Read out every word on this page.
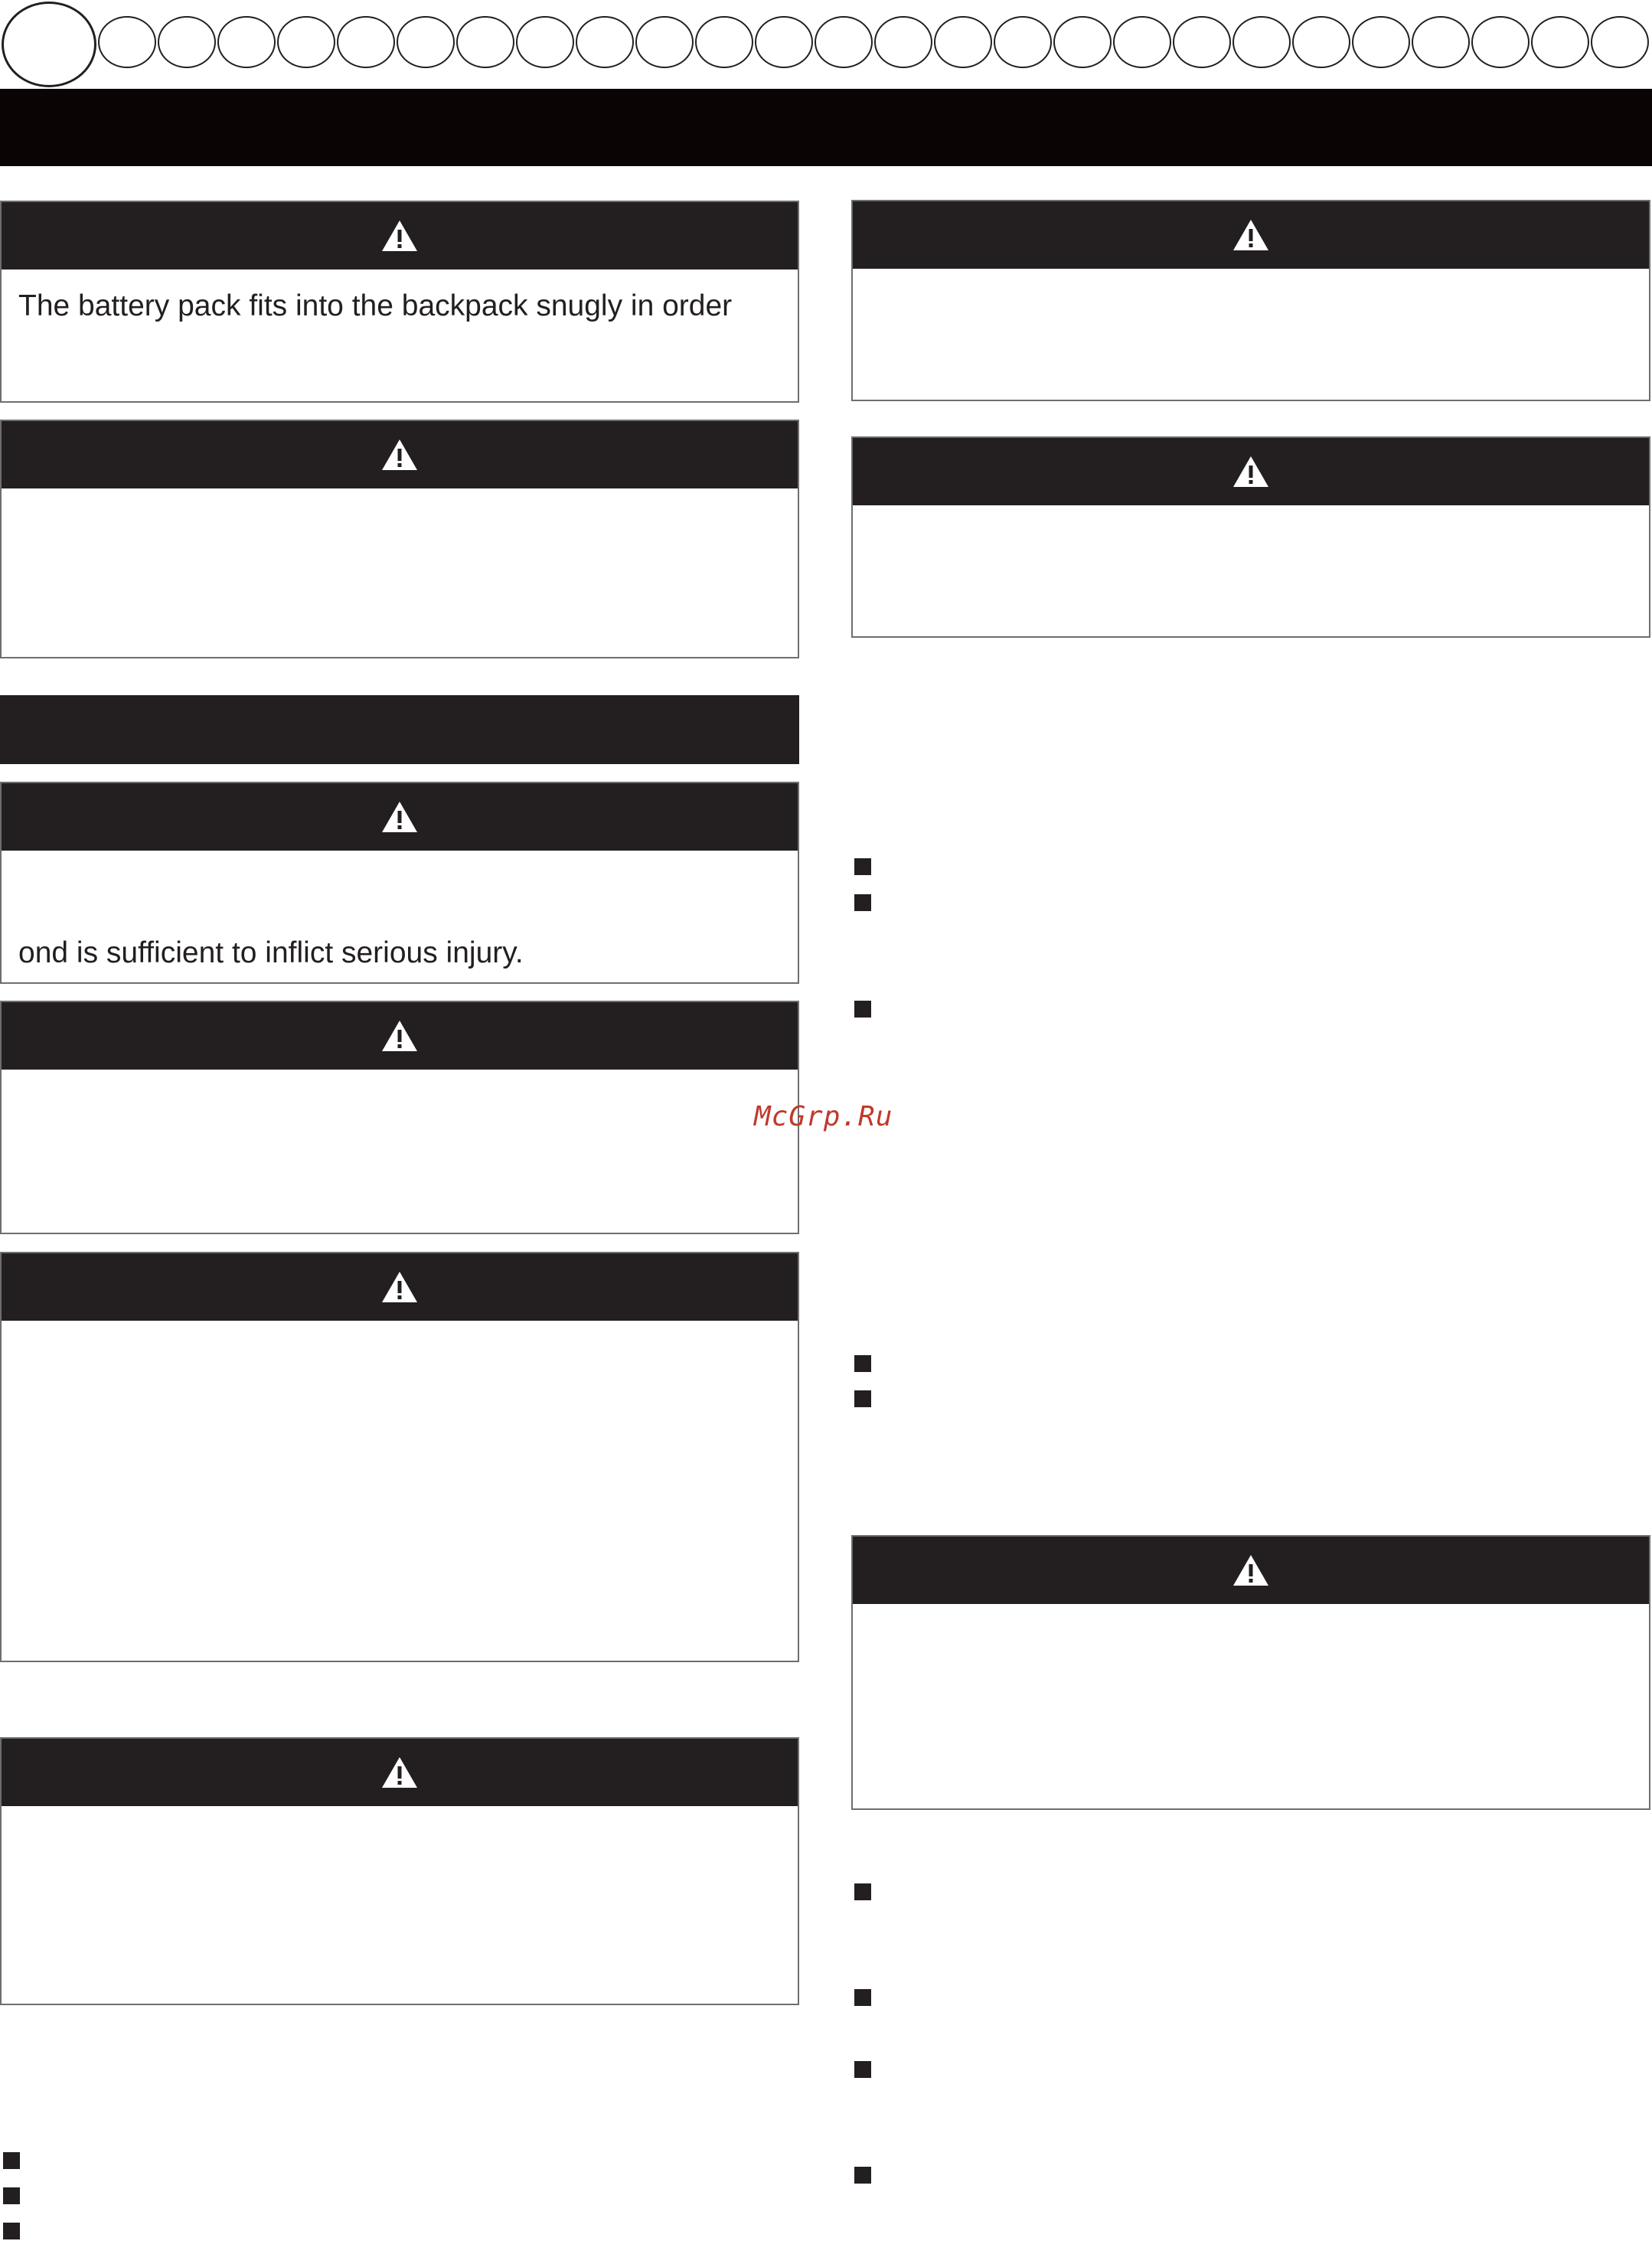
The battery pack fits into the backpack snugly in order
ond is sufficient to inflict serious injury.
McGrp.Ru
